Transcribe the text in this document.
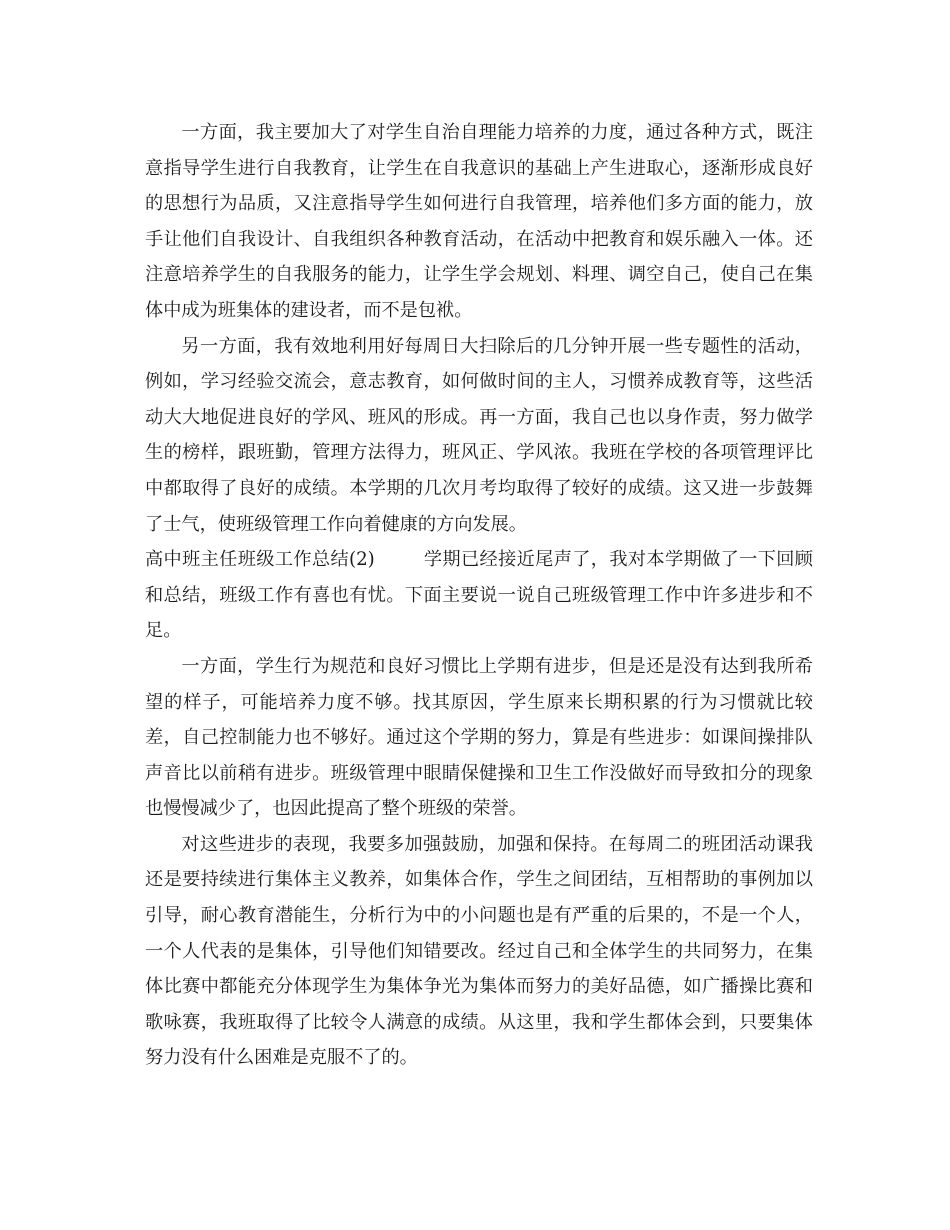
一方面，我主要加大了对学生自治自理能力培养的力度，通过各种方式，既注意指导学生进行自我教育，让学生在自我意识的基础上产生进取心，逐渐形成良好的思想行为品质，又注意指导学生如何进行自我管理，培养他们多方面的能力，放手让他们自我设计、自我组织各种教育活动，在活动中把教育和娱乐融入一体。还注意培养学生的自我服务的能力，让学生学会规划、料理、调空自己，使自己在集体中成为班集体的建设者，而不是包袱。

另一方面，我有效地利用好每周日大扫除后的几分钟开展一些专题性的活动，例如，学习经验交流会，意志教育，如何做时间的主人，习惯养成教育等，这些活动大大地促进良好的学风、班风的形成。再一方面，我自己也以身作责，努力做学生的榜样，跟班勤，管理方法得力，班风正、学风浓。我班在学校的各项管理评比中都取得了良好的成绩。本学期的几次月考均取得了较好的成绩。这又进一步鼓舞了士气，使班级管理工作向着健康的方向发展。

高中班主任班级工作总结(2)	学期已经接近尾声了，我对本学期做了一下回顾和总结，班级工作有喜也有忧。下面主要说一说自己班级管理工作中许多进步和不足。

一方面，学生行为规范和良好习惯比上学期有进步，但是还是没有达到我所希望的样子，可能培养力度不够。找其原因，学生原来长期积累的行为习惯就比较差，自己控制能力也不够好。通过这个学期的努力，算是有些进步：如课间操排队声音比以前稍有进步。班级管理中眼睛保健操和卫生工作没做好而导致扣分的现象也慢慢减少了，也因此提高了整个班级的荣誉。

对这些进步的表现，我要多加强鼓励，加强和保持。在每周二的班团活动课我还是要持续进行集体主义教养，如集体合作，学生之间团结，互相帮助的事例加以引导，耐心教育潜能生，分析行为中的小问题也是有严重的后果的，不是一个人，一个人代表的是集体，引导他们知错要改。经过自己和全体学生的共同努力，在集体比赛中都能充分体现学生为集体争光为集体而努力的美好品德，如广播操比赛和歌咏赛，我班取得了比较令人满意的成绩。从这里，我和学生都体会到，只要集体努力没有什么困难是克服不了的。
